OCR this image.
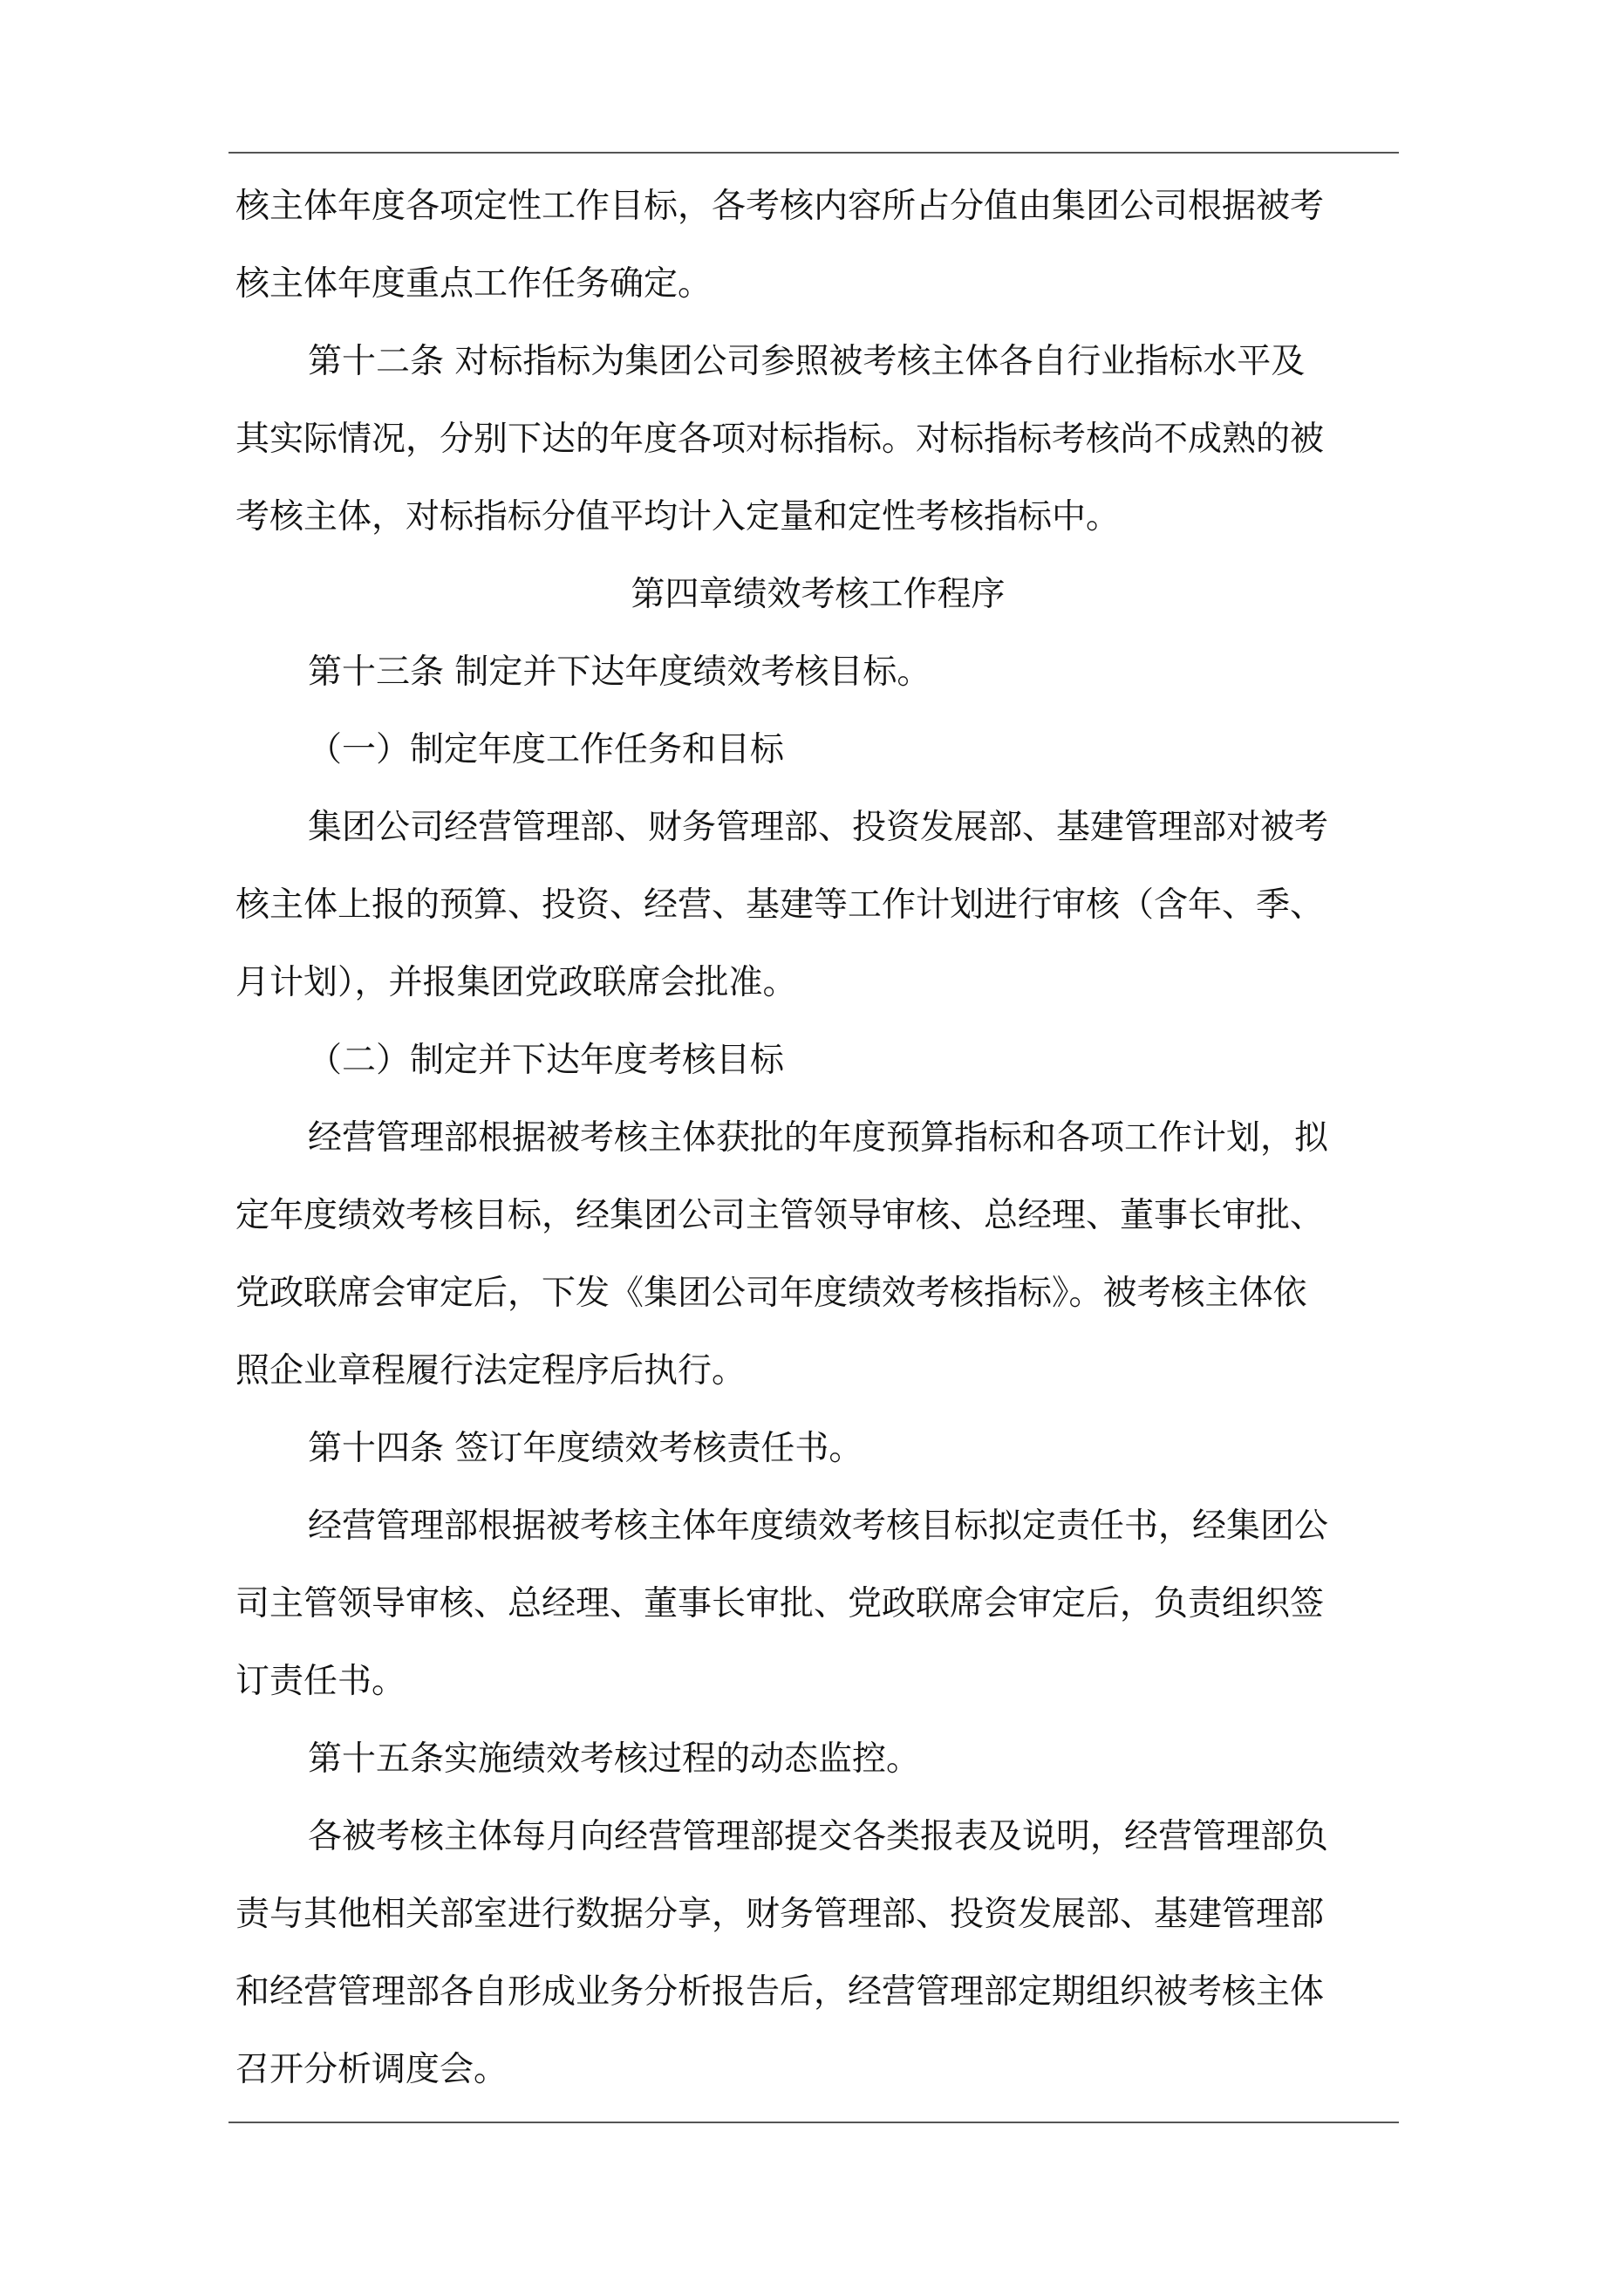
核主体年度各项定性工作目标，各考核内容所占分值由集团公司根据被考
核主体年度重点工作任务确定。
第十二条 对标指标为集团公司参照被考核主体各自行业指标水平及
其实际情况，分别下达的年度各项对标指标。对标指标考核尚不成熟的被
考核主体，对标指标分值平均计入定量和定性考核指标中。
第四章绩效考核工作程序
第十三条 制定并下达年度绩效考核目标。
（一）制定年度工作任务和目标
集团公司经营管理部、财务管理部、投资发展部、基建管理部对被考
核主体上报的预算、投资、经营、基建等工作计划进行审核（含年、季、
月计划），并报集团党政联席会批准。
（二）制定并下达年度考核目标
经营管理部根据被考核主体获批的年度预算指标和各项工作计划，拟
定年度绩效考核目标，经集团公司主管领导审核、总经理、董事长审批、
党政联席会审定后，下发《集团公司年度绩效考核指标》。被考核主体依
照企业章程履行法定程序后执行。
第十四条 签订年度绩效考核责任书。
经营管理部根据被考核主体年度绩效考核目标拟定责任书，经集团公
司主管领导审核、总经理、董事长审批、党政联席会审定后，负责组织签
订责任书。
第十五条实施绩效考核过程的动态监控。
各被考核主体每月向经营管理部提交各类报表及说明，经营管理部负
责与其他相关部室进行数据分享，财务管理部、投资发展部、基建管理部
和经营管理部各自形成业务分析报告后，经营管理部定期组织被考核主体
召开分析调度会。
